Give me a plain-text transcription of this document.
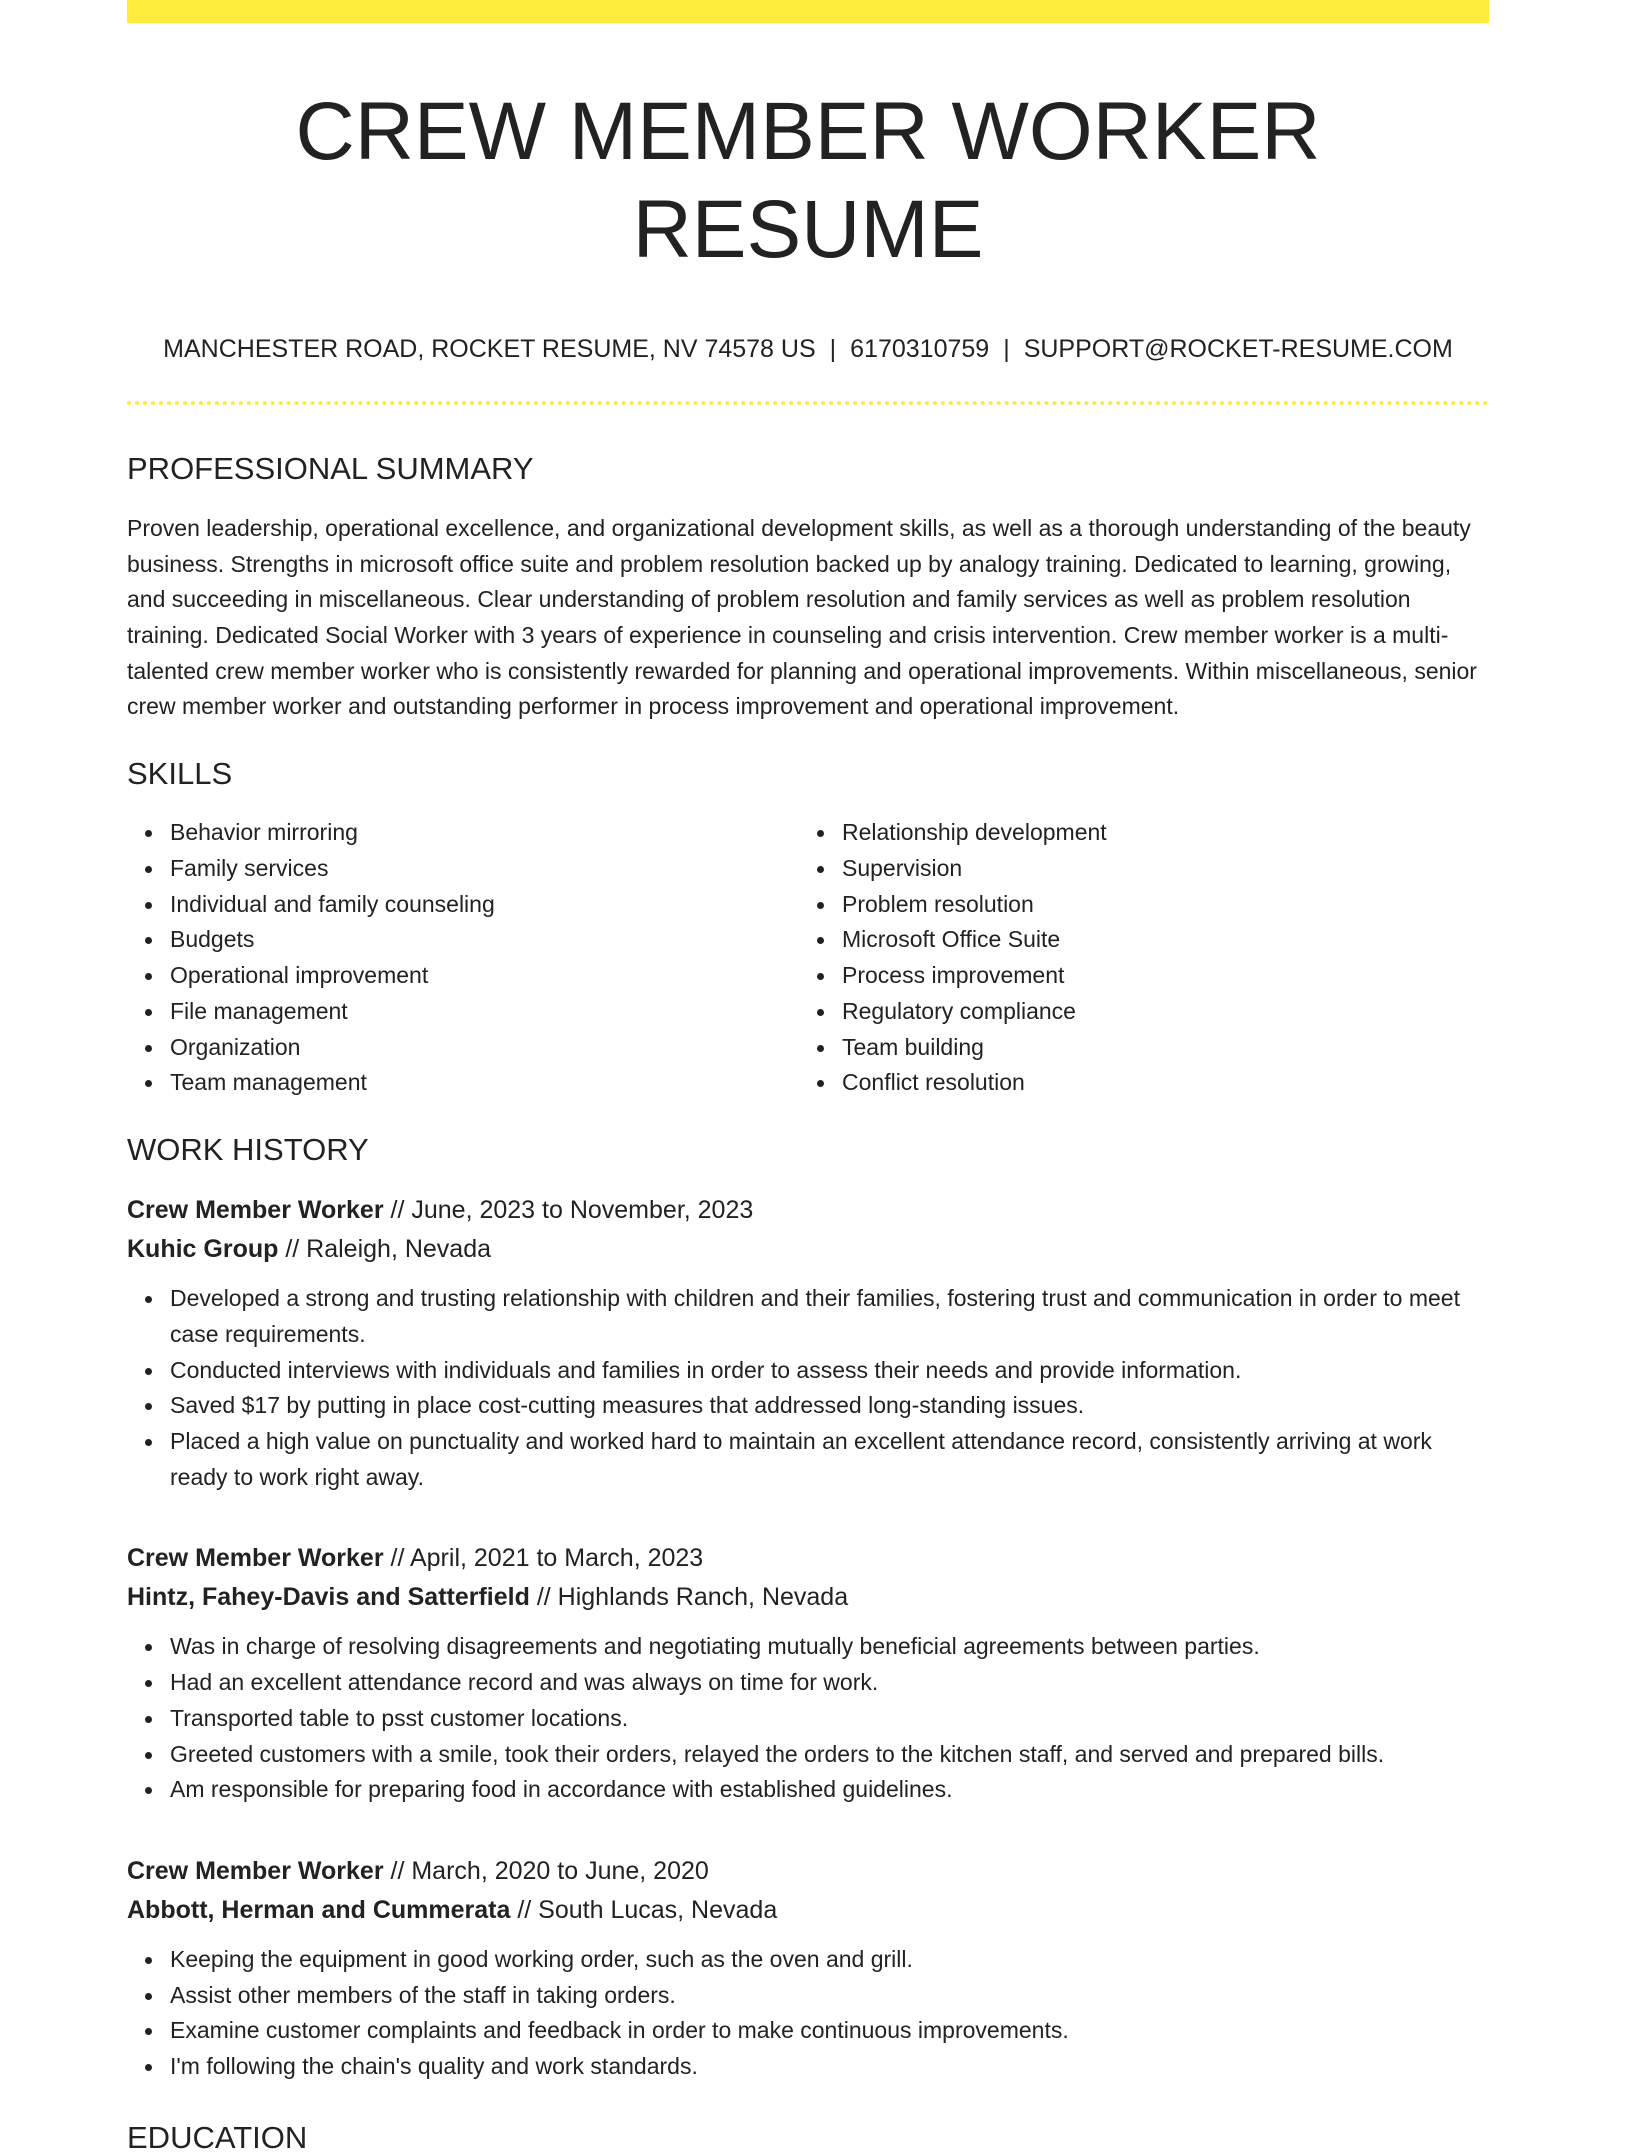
CREW MEMBER WORKER RESUME
MANCHESTER ROAD, ROCKET RESUME, NV 74578 US | 6170310759 | SUPPORT@ROCKET-RESUME.COM
PROFESSIONAL SUMMARY

Proven leadership, operational excellence, and organizational development skills, as well as a thorough understanding of the beauty business. Strengths in microsoft office suite and problem resolution backed up by analogy training. Dedicated to learning, growing, and succeeding in miscellaneous. Clear understanding of problem resolution and family services as well as problem resolution training. Dedicated Social Worker with 3 years of experience in counseling and crisis intervention. Crew member worker is a multi-talented crew member worker who is consistently rewarded for planning and operational improvements. Within miscellaneous, senior crew member worker and outstanding performer in process improvement and operational improvement.

SKILLS
Behavior mirroring
Family services
Individual and family counseling
Budgets
Operational improvement
File management
Organization
Team management
Relationship development
Supervision
Problem resolution
Microsoft Office Suite
Process improvement
Regulatory compliance
Team building
Conflict resolution
WORK HISTORY
Crew Member Worker // June, 2023 to November, 2023
Kuhic Group // Raleigh, Nevada
Developed a strong and trusting relationship with children and their families, fostering trust and communication in order to meet case requirements.
Conducted interviews with individuals and families in order to assess their needs and provide information.
Saved $17 by putting in place cost-cutting measures that addressed long-standing issues.
Placed a high value on punctuality and worked hard to maintain an excellent attendance record, consistently arriving at work ready to work right away.
Crew Member Worker // April, 2021 to March, 2023
Hintz, Fahey-Davis and Satterfield // Highlands Ranch, Nevada
Was in charge of resolving disagreements and negotiating mutually beneficial agreements between parties.
Had an excellent attendance record and was always on time for work.
Transported table to psst customer locations.
Greeted customers with a smile, took their orders, relayed the orders to the kitchen staff, and served and prepared bills.
Am responsible for preparing food in accordance with established guidelines.
Crew Member Worker // March, 2020 to June, 2020
Abbott, Herman and Cummerata // South Lucas, Nevada
Keeping the equipment in good working order, such as the oven and grill.
Assist other members of the staff in taking orders.
Examine customer complaints and feedback in order to make continuous improvements.
I'm following the chain's quality and work standards.
EDUCATION
